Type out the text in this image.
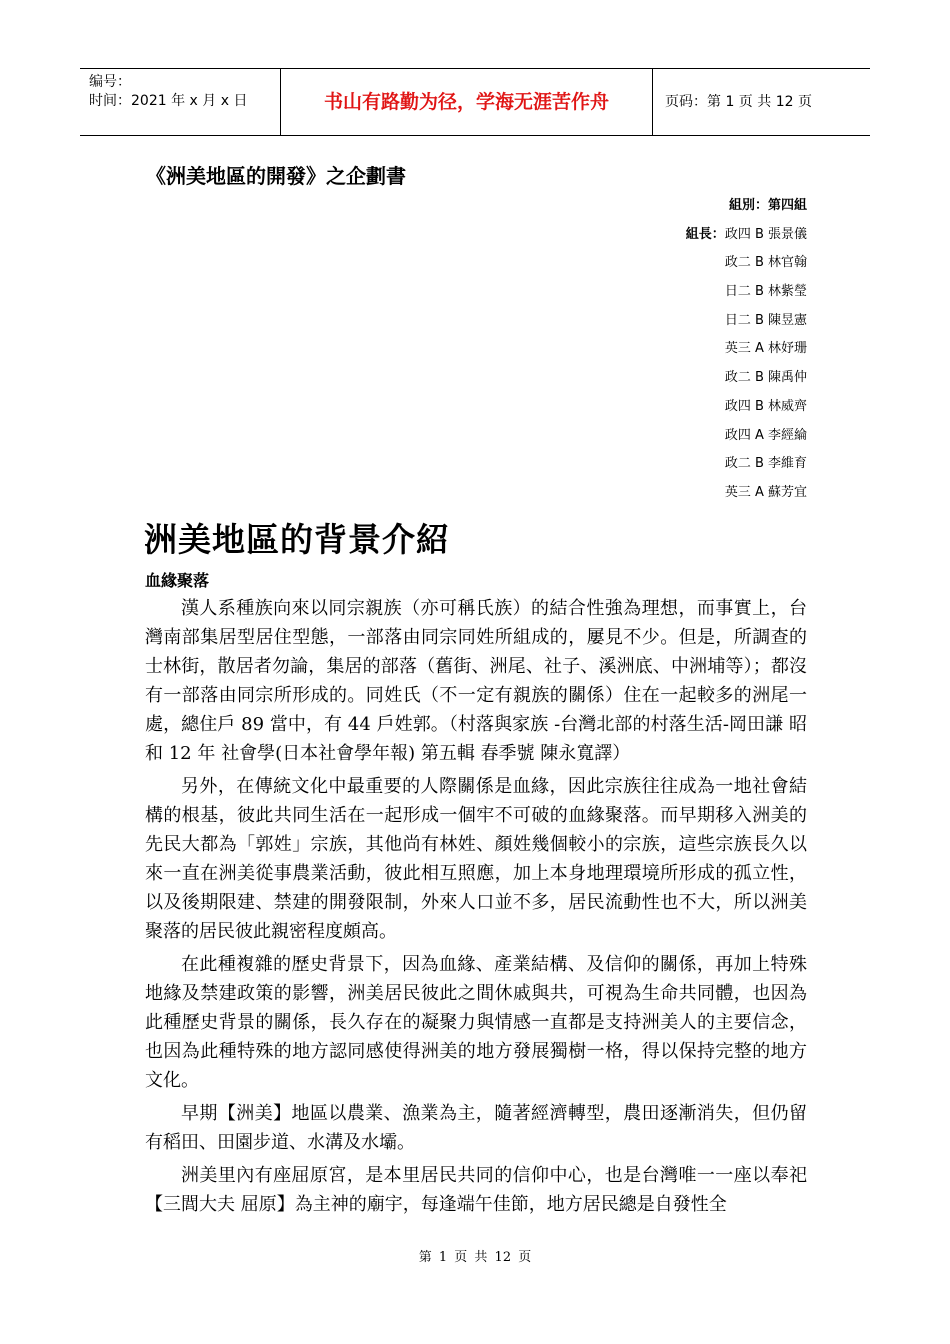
编号：
时间：2021 年 x 月 x 日	书山有路勤为径，学海无涯苦作舟	页码：第 1 页 共 12 页
《洲美地區的開發》之企劃書
組別：第四組
組長：政四 B 張景儀
政二 B 林官翰
日二 B 林紫瑩
日二 B 陳昱憲
英三 A 林妤珊
政二 B 陳禹仲
政四 B 林威齊
政四 A 李經綸
政二 B 李維育
英三 A 蘇芳宜
洲美地區的背景介紹
血緣聚落

漢人系種族向來以同宗親族（亦可稱氏族）的結合性強為理想，而事實上，台灣南部集居型居住型態，一部落由同宗同姓所組成的，屢見不少。但是，所調查的士林街，散居者勿論，集居的部落（舊街、洲尾、社子、溪洲底、中洲埔等）；都沒有一部落由同宗所形成的。同姓氏（不一定有親族的關係）住在一起較多的洲尾一處，總住戶 89 當中，有 44 戶姓郭。（村落與家族 -台灣北部的村落生活-岡田謙 昭和 12 年 社會學(日本社會學年報) 第五輯 春季號 陳永寬譯）

另外，在傳統文化中最重要的人際關係是血緣，因此宗族往往成為一地社會結構的根基，彼此共同生活在一起形成一個牢不可破的血緣聚落。而早期移入洲美的先民大都為「郭姓」宗族，其他尚有林姓、顏姓幾個較小的宗族，這些宗族長久以來一直在洲美從事農業活動，彼此相互照應，加上本身地理環境所形成的孤立性，以及後期限建、禁建的開發限制，外來人口並不多，居民流動性也不大，所以洲美聚落的居民彼此親密程度頗高。

在此種複雜的歷史背景下，因為血緣、產業結構、及信仰的關係，再加上特殊地緣及禁建政策的影響，洲美居民彼此之間休戚與共，可視為生命共同體，也因為此種歷史背景的關係，長久存在的凝聚力與情感一直都是支持洲美人的主要信念，也因為此種特殊的地方認同感使得洲美的地方發展獨樹一格，得以保持完整的地方文化。

早期【洲美】地區以農業、漁業為主，隨著經濟轉型，農田逐漸消失，但仍留有稻田、田園步道、水溝及水壩。

洲美里內有座屈原宮，是本里居民共同的信仰中心，也是台灣唯一一座以奉祀【三閭大夫 屈原】為主神的廟宇，每逢端午佳節，地方居民總是自發性全

第 1 页 共 12 页
